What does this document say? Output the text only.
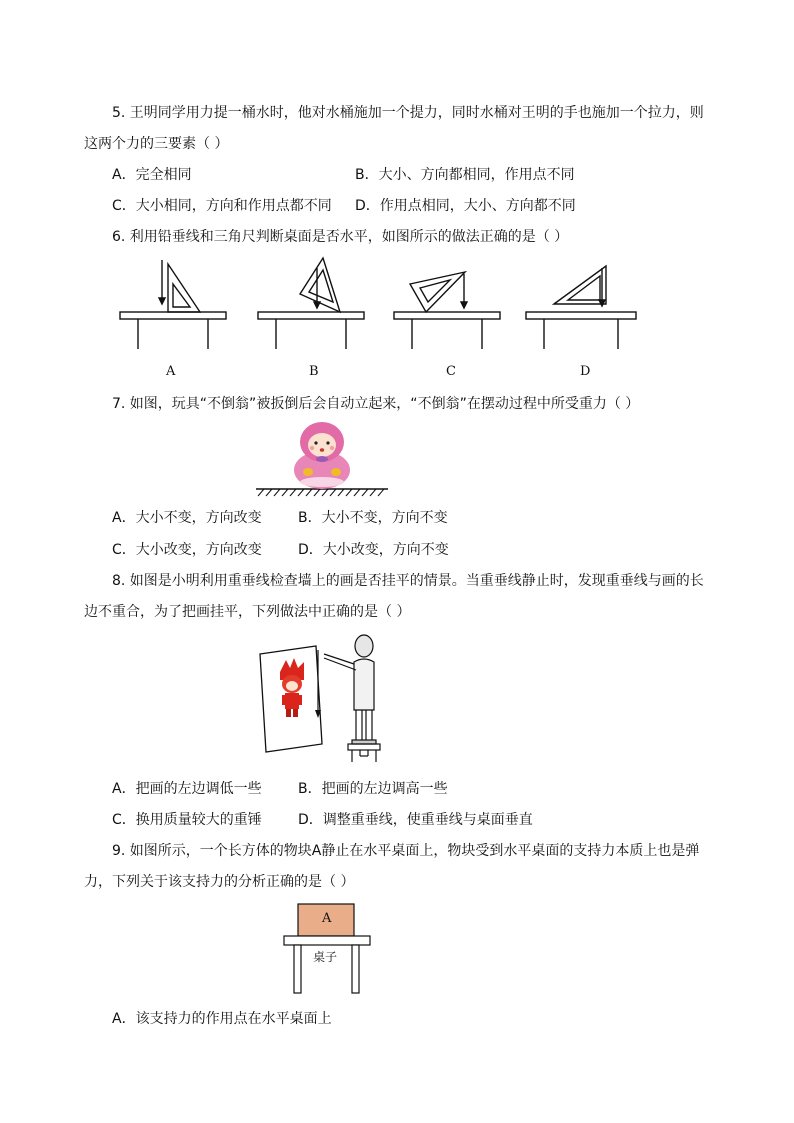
5. 王明同学用力提一桶水时，他对水桶施加一个提力，同时水桶对王明的手也施加一个拉力，则
这两个力的三要素（ ）
A．完全相同	B．大小、方向都相同，作用点不同
C．大小相同，方向和作用点都不同 D．作用点相同，大小、方向都不同
6. 利用铅垂线和三角尺判断桌面是否水平，如图所示的做法正确的是（ ）
A	B	C	D
7. 如图，玩具“不倒翁”被扳倒后会自动立起来，“不倒翁”在摆动过程中所受重力（ ）
A．大小不变，方向改变	B．大小不变，方向不变
C．大小改变，方向改变	D．大小改变，方向不变
8. 如图是小明利用重垂线检查墙上的画是否挂平的情景。当重垂线静止时，发现重垂线与画的长
边不重合，为了把画挂平，下列做法中正确的是（ ）
A．把画的左边调低一些	B．把画的左边调高一些
C．换用质量较大的重锤	D．调整重垂线，使重垂线与桌面垂直
9. 如图所示，一个长方体的物块A静止在水平桌面上，物块受到水平桌面的支持力本质上也是弹
力，下列关于该支持力的分析正确的是（ ）
A
桌子
A．该支持力的作用点在水平桌面上
